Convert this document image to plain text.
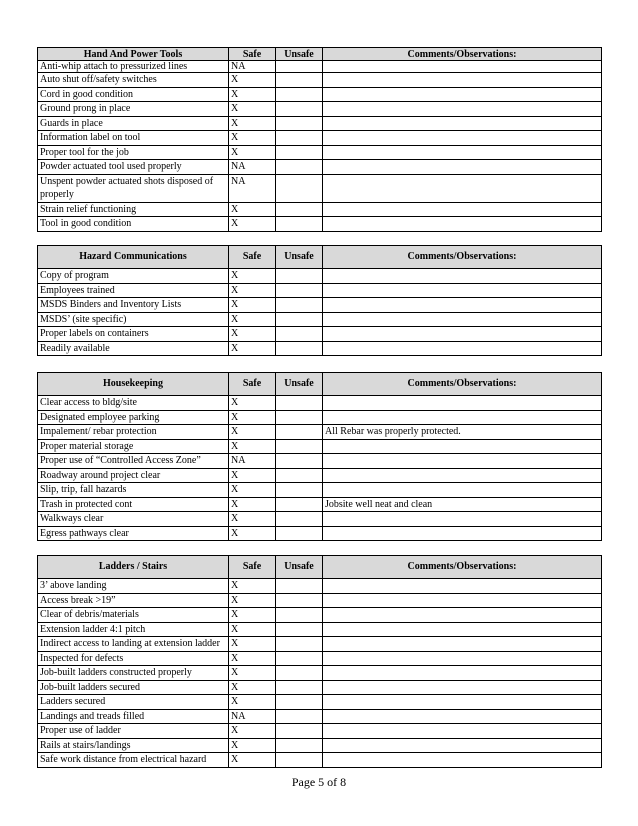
Hand And Power Tools	Safe	Unsafe	Comments/Observations:
Anti-whip attach to pressurized lines	NA		
Auto shut off/safety switches	X		
Cord in good condition	X		
Ground prong in place	X		
Guards in place	X		
Information label on tool	X		
Proper tool for the job	X		
Powder actuated tool used properly	NA		
Unspent powder actuated shots disposed of properly	NA		
Strain relief functioning	X		
Tool in good condition	X		
Hazard Communications	Safe	Unsafe	Comments/Observations:
Copy of program	X		
Employees trained	X		
MSDS Binders and Inventory Lists	X		
MSDS’ (site specific)	X		
Proper labels on containers	X		
Readily available	X		
Housekeeping	Safe	Unsafe	Comments/Observations:
Clear access to bldg/site	X		
Designated employee parking	X		
Impalement/ rebar protection	X		All Rebar was properly protected.
Proper material storage	X		
Proper use of “Controlled Access Zone”	NA		
Roadway around project clear	X		
Slip, trip, fall hazards	X		
Trash in protected cont	X		Jobsite well neat and clean
Walkways clear	X		
Egress pathways clear	X		
Ladders / Stairs	Safe	Unsafe	Comments/Observations:
3’ above landing	X		
Access break >19”	X		
Clear of debris/materials	X		
Extension ladder 4:1 pitch	X		
Indirect access to landing at extension ladder	X		
Inspected for defects	X		
Job-built ladders constructed properly	X		
Job-built ladders secured	X		
Ladders secured	X		
Landings and treads filled	NA		
Proper use of ladder	X		
Rails at stairs/landings	X		
Safe work distance from electrical hazard	X		
Page 5 of 8
